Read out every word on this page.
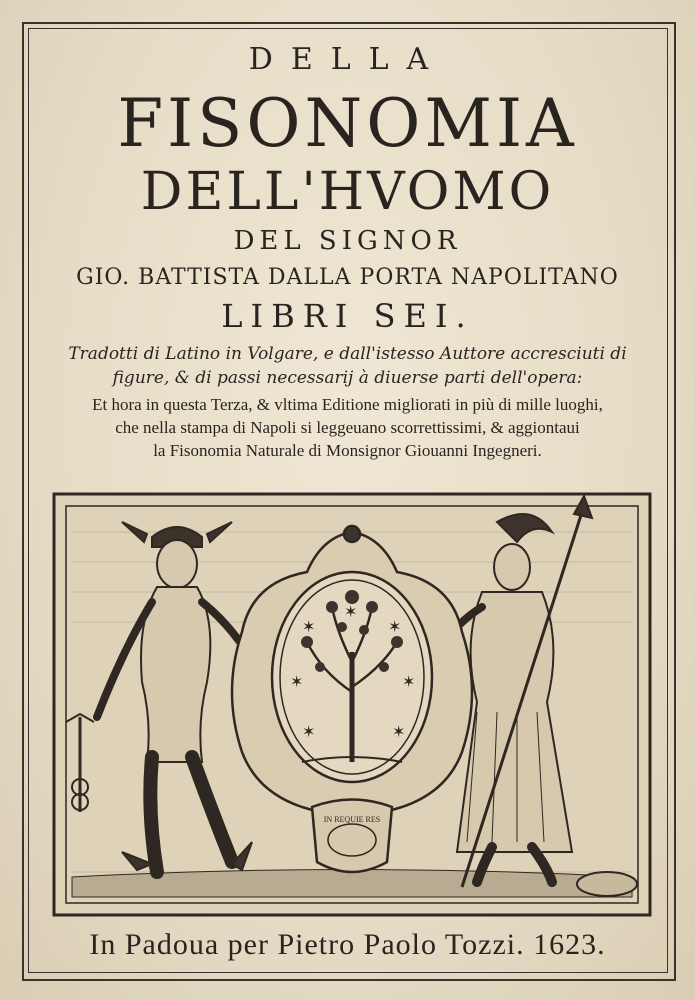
DELLA
FISONOMIA
DELL'HVOMO
DEL SIGNOR
GIO. BATTISTA DALLA PORTA NAPOLITANO
LIBRI SEI.
Tradotti di Latino in Volgare, e dall'istesso Auttore accresciuti di
figure, & di passi necessarij à diuerse parti dell'opera:
Et hora in questa Terza, & vltima Editione migliorati in più di mille luoghi,
che nella stampa di Napoli si leggeuano scorrettissimi, & aggiontaui
la Fisonomia Naturale di Monsignor Giouanni Ingegneri.
✶
✶	✶
✶	✶
✶	✶
IN REQUIE RES
In Padoua per Pietro Paolo Tozzi. 1623.
